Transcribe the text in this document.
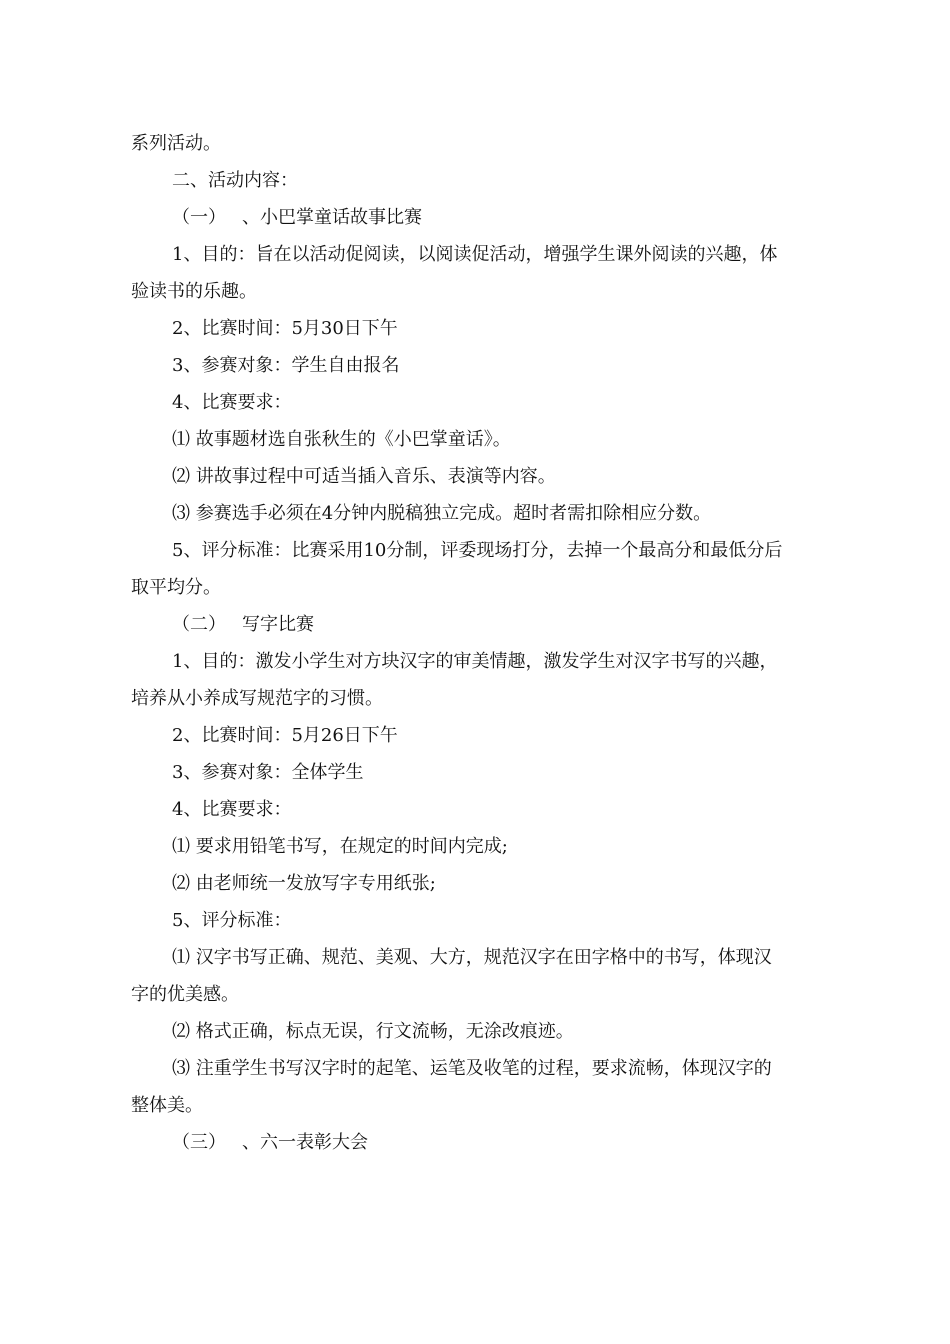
系列活动。
二、活动内容：
（一） 、小巴掌童话故事比赛
1、目的：旨在以活动促阅读，以阅读促活动，增强学生课外阅读的兴趣，体
验读书的乐趣。
2、比赛时间：5月30日下午
3、参赛对象：学生自由报名
4、比赛要求：
⑴ 故事题材选自张秋生的《小巴掌童话》。
⑵ 讲故事过程中可适当插入音乐、表演等内容。
⑶ 参赛选手必须在4分钟内脱稿独立完成。超时者需扣除相应分数。
5、评分标准：比赛采用10分制，评委现场打分，去掉一个最高分和最低分后
取平均分。
（二） 写字比赛
1、目的：激发小学生对方块汉字的审美情趣，激发学生对汉字书写的兴趣，
培养从小养成写规范字的习惯。
2、比赛时间：5月26日下午
3、参赛对象：全体学生
4、比赛要求：
⑴ 要求用铅笔书写，在规定的时间内完成;
⑵ 由老师统一发放写字专用纸张;
5、评分标准：
⑴ 汉字书写正确、规范、美观、大方，规范汉字在田字格中的书写，体现汉
字的优美感。
⑵ 格式正确，标点无误，行文流畅，无涂改痕迹。
⑶ 注重学生书写汉字时的起笔、运笔及收笔的过程，要求流畅，体现汉字的
整体美。
（三） 、六一表彰大会
